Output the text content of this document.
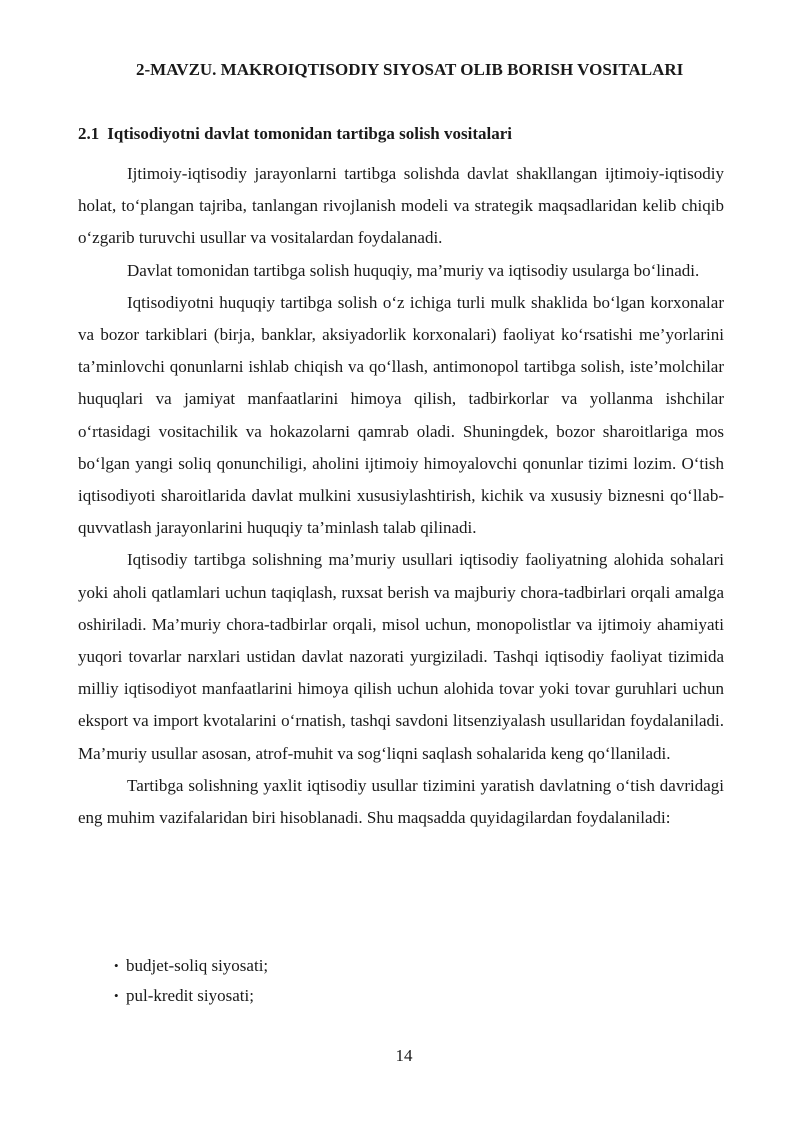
2-MAVZU. MAKROIQTISODIY SIYOSAT OLIB BORISH VOSITALARI
2.1 Iqtisodiyotni davlat tomonidan tartibga solish vositalari

Ijtimoiy-iqtisodiy jarayonlarni tartibga solishda davlat shakllangan ijtimoiy-iqtisodiy holat, to‘plangan tajriba, tanlangan rivojlanish modeli va strategik maqsadlaridan kelib chiqib o‘zgarib turuvchi usullar va vositalardan foydalanadi.

Davlat tomonidan tartibga solish huquqiy, ma’muriy va iqtisodiy usularga bo‘linadi.

Iqtisodiyotni huquqiy tartibga solish o‘z ichiga turli mulk shaklida bo‘lgan korxonalar va bozor tarkiblari (birja, banklar, aksiyadorlik korxonalari) faoliyat ko‘rsatishi me’yorlarini ta’minlovchi qonunlarni ishlab chiqish va qo‘llash, antimonopol tartibga solish, iste’molchilar huquqlari va jamiyat manfaatlarini himoya qilish, tadbirkorlar va yollanma ishchilar o‘rtasidagi vositachilik va hokazolarni qamrab oladi. Shuningdek, bozor sharoitlariga mos bo‘lgan yangi soliq qonunchiligi, aholini ijtimoiy himoyalovchi qonunlar tizimi lozim. O‘tish iqtisodiyoti sharoitlarida davlat mulkini xususiylashtirish, kichik va xususiy biznesni qo‘llab-quvvatlash jarayonlarini huquqiy ta’minlash talab qilinadi.

Iqtisodiy tartibga solishning ma’muriy usullari iqtisodiy faoliyatning alohida sohalari yoki aholi qatlamlari uchun taqiqlash, ruxsat berish va majburiy chora-tadbirlari orqali amalga oshiriladi. Ma’muriy chora-tadbirlar orqali, misol uchun, monopolistlar va ijtimoiy ahamiyati yuqori tovarlar narxlari ustidan davlat nazorati yurgiziladi. Tashqi iqtisodiy faoliyat tizimida milliy iqtisodiyot manfaatlarini himoya qilish uchun alohida tovar yoki tovar guruhlari uchun eksport va import kvotalarini o‘rnatish, tashqi savdoni litsenziyalash usullaridan foydalaniladi. Ma’muriy usullar asosan, atrof-muhit va sog‘liqni saqlash sohalarida keng qo‘llaniladi.

Tartibga solishning yaxlit iqtisodiy usullar tizimini yaratish davlatning o‘tish davridagi eng muhim vazifalaridan biri hisoblanadi. Shu maqsadda quyidagilardan foydalaniladi:

• budjet-soliq siyosati;
• pul-kredit siyosati;

14
